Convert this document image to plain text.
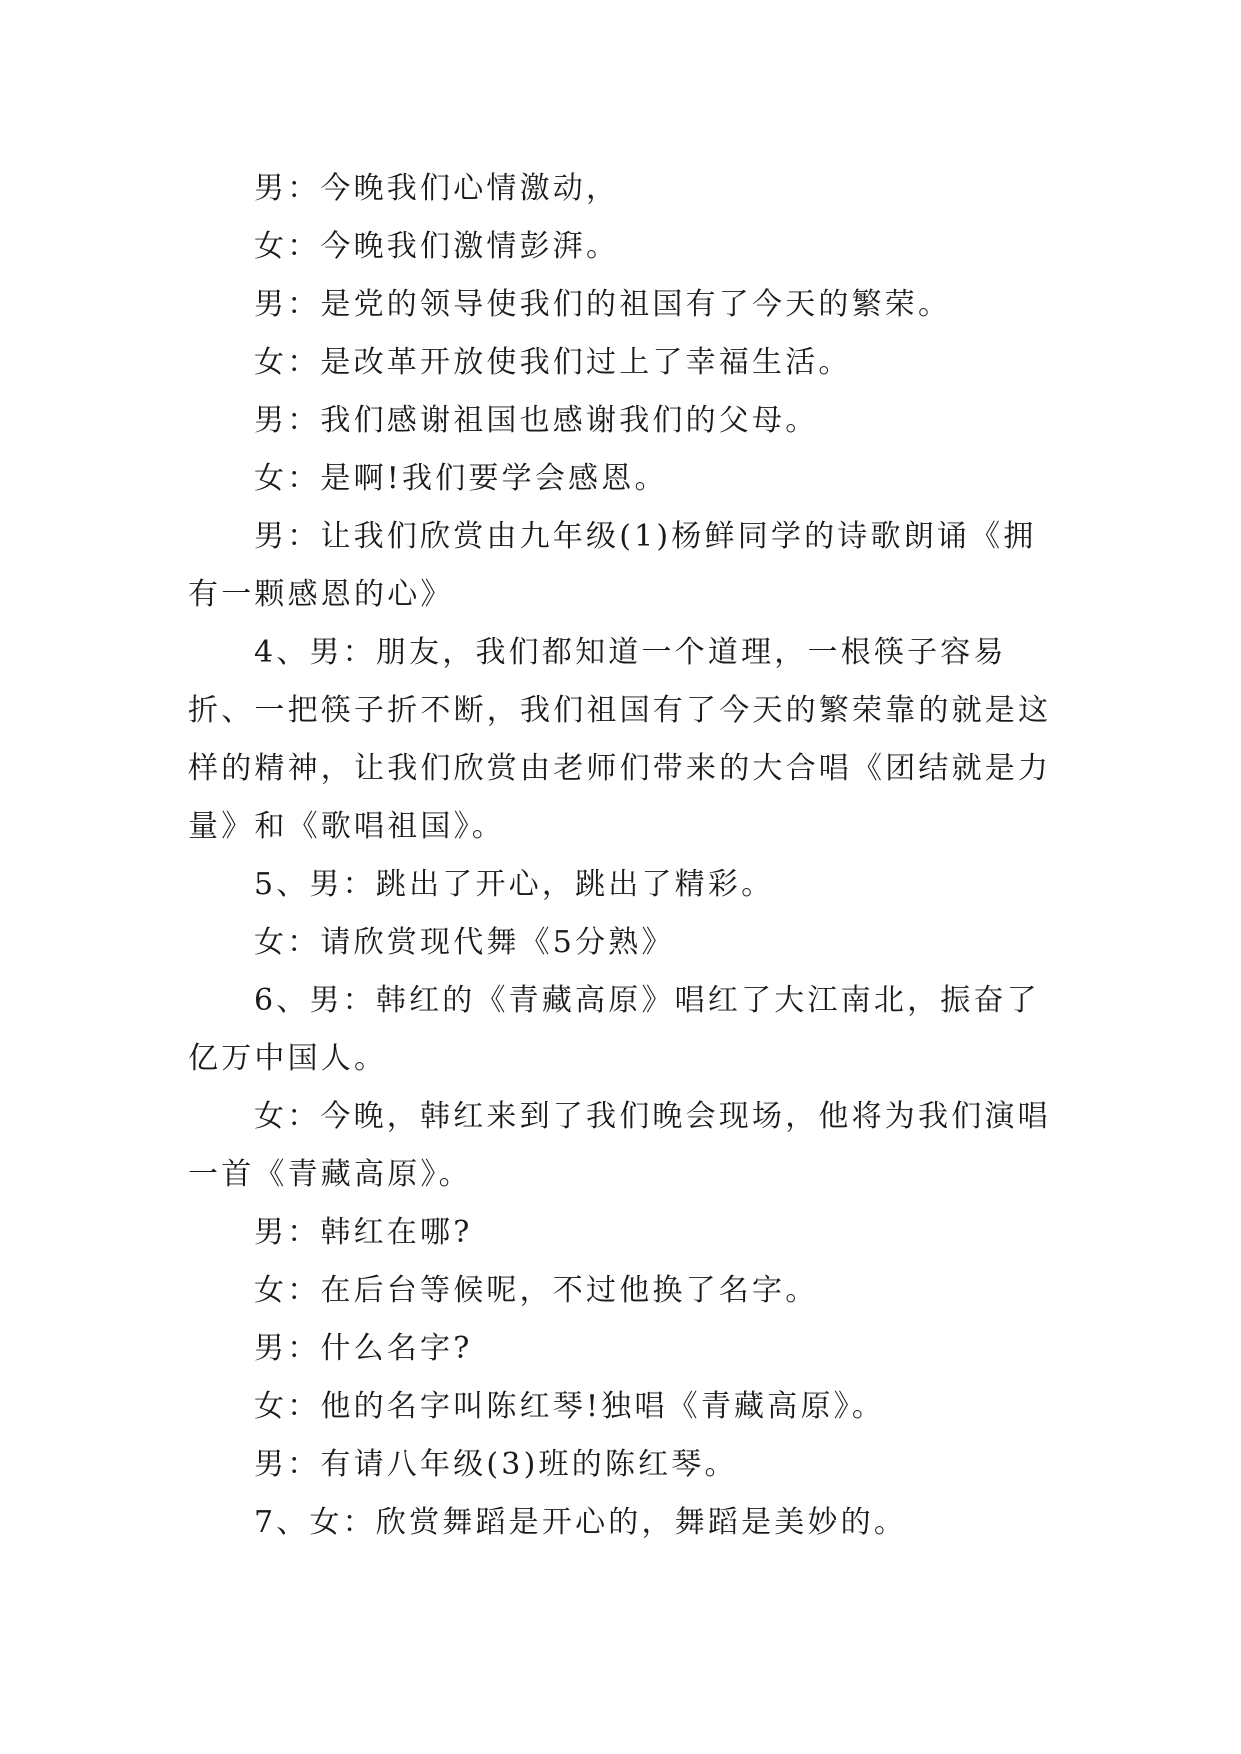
男：今晚我们心情激动，

女：今晚我们激情彭湃。

男：是党的领导使我们的祖国有了今天的繁荣。

女：是改革开放使我们过上了幸福生活。

男：我们感谢祖国也感谢我们的父母。

女：是啊!我们要学会感恩。

男：让我们欣赏由九年级(1)杨鲜同学的诗歌朗诵《拥有一颗感恩的心》

4、男：朋友，我们都知道一个道理，一根筷子容易折、一把筷子折不断，我们祖国有了今天的繁荣靠的就是这样的精神，让我们欣赏由老师们带来的大合唱《团结就是力量》和《歌唱祖国》。

5、男：跳出了开心，跳出了精彩。

女：请欣赏现代舞《5分熟》

6、男：韩红的《青藏高原》唱红了大江南北，振奋了亿万中国人。

女：今晚，韩红来到了我们晚会现场，他将为我们演唱一首《青藏高原》。

男：韩红在哪?

女：在后台等候呢，不过他换了名字。

男：什么名字?

女：他的名字叫陈红琴!独唱《青藏高原》。

男：有请八年级(3)班的陈红琴。

7、女：欣赏舞蹈是开心的，舞蹈是美妙的。
